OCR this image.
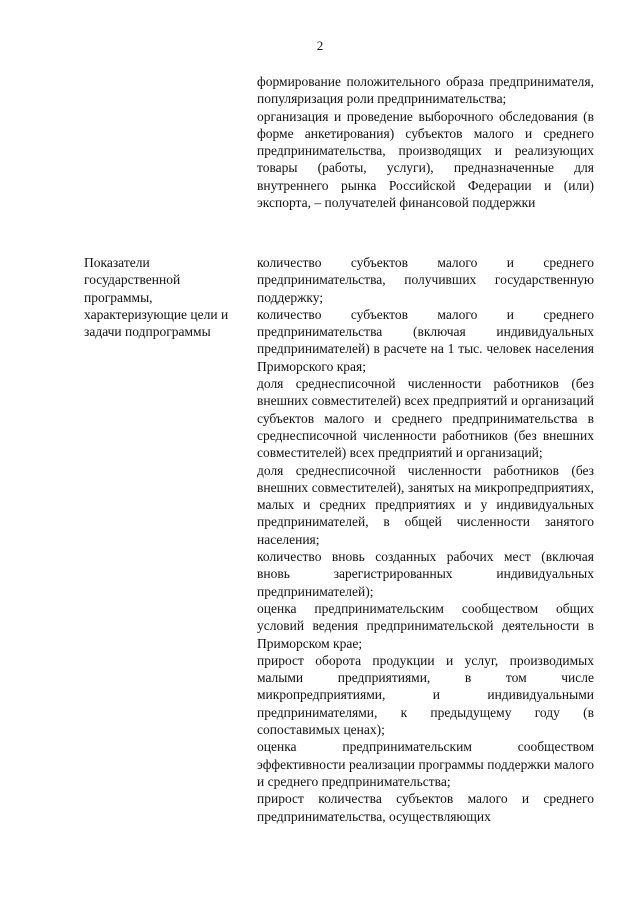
2

формирование положительного образа предпринимателя, популяризация роли предпринимательства;

организация и проведение выборочного обследования (в форме анкетирования) субъектов малого и среднего предпринимательства, производящих и реализующих товары (работы, услуги), предназначенные для внутреннего рынка Российской Федерации и (или) экспорта, – получателей финансовой поддержки

Показатели
государственной
программы,
характеризующие цели и
задачи подпрограммы

количество субъектов малого и среднего предпринимательства, получивших государственную поддержку;

количество субъектов малого и среднего предпринимательства (включая индивидуальных предпринимателей) в расчете на 1 тыс. человек населения Приморского края;

доля среднесписочной численности работников (без внешних совместителей) всех предприятий и организаций субъектов малого и среднего предпринимательства в среднесписочной численности работников (без внешних совместителей) всех предприятий и организаций;

доля среднесписочной численности работников (без внешних совместителей), занятых на микропредприятиях, малых и средних предприятиях и у индивидуальных предпринимателей, в общей численности занятого населения;

количество вновь созданных рабочих мест (включая вновь зарегистрированных индивидуальных предпринимателей);

оценка предпринимательским сообществом общих условий ведения предпринимательской деятельности в Приморском крае;

прирост оборота продукции и услуг, производимых малыми предприятиями, в том числе микропредприятиями, и индивидуальными предпринимателями, к предыдущему году (в сопоставимых ценах);

оценка предпринимательским сообществом эффективности реализации программы поддержки малого и среднего предпринимательства;

прирост количества субъектов малого и среднего предпринимательства, осуществляющих
